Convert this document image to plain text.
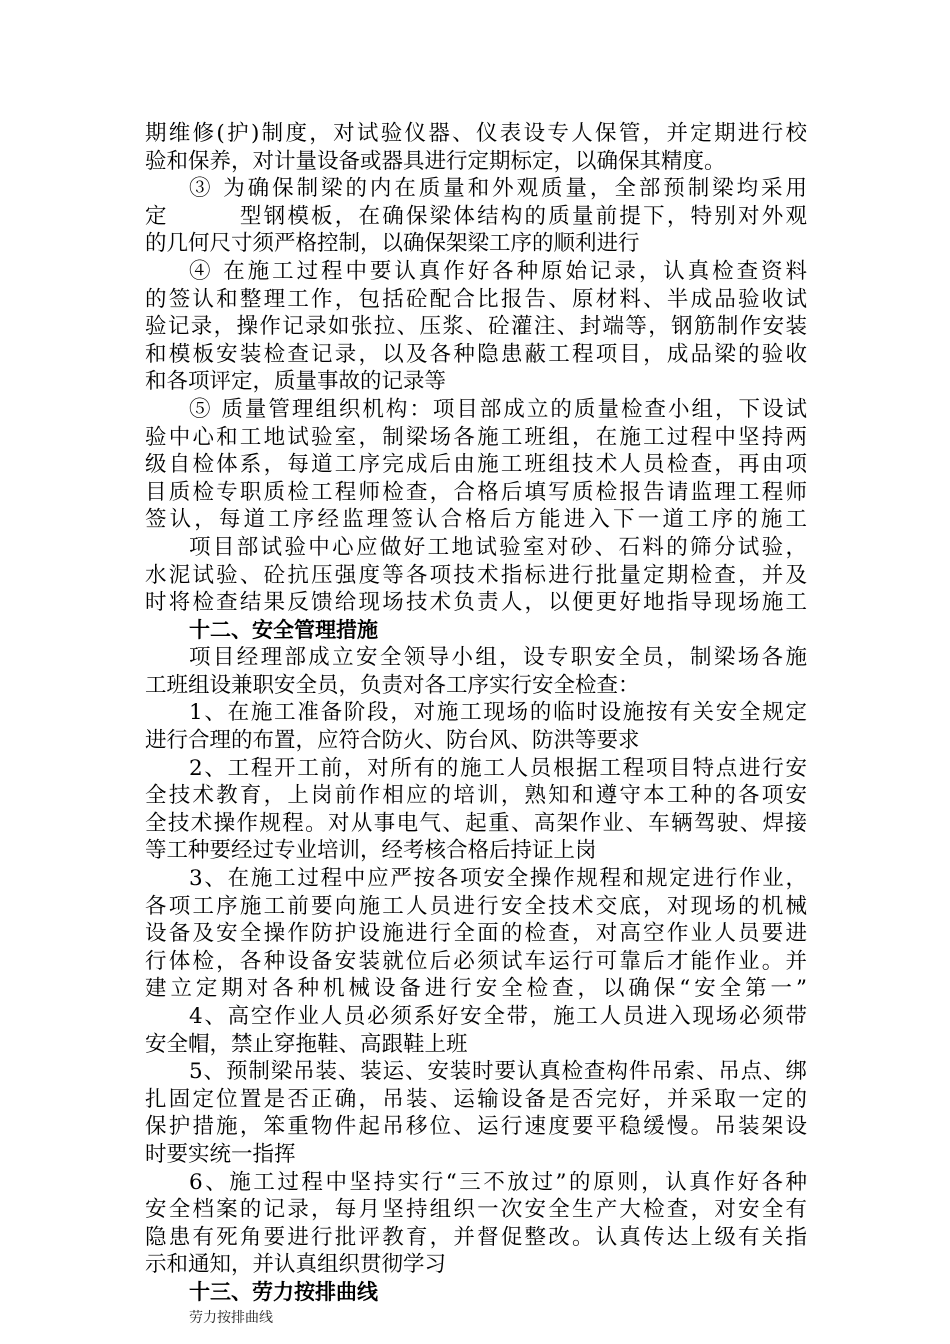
期维修(护)制度，对试验仪器、仪表设专人保管，并定期进行校
验和保养，对计量设备或器具进行定期标定，以确保其精度。
③ 为确保制梁的内在质量和外观质量，全部预制梁均采用
定　　　型钢模板，在确保梁体结构的质量前提下，特别对外观
的几何尺寸须严格控制，以确保架梁工序的顺利进行
④ 在施工过程中要认真作好各种原始记录，认真检查资料
的签认和整理工作，包括砼配合比报告、原材料、半成品验收试
验记录，操作记录如张拉、压浆、砼灌注、封端等，钢筋制作安装
和模板安装检查记录，以及各种隐患蔽工程项目，成品梁的验收
和各项评定，质量事故的记录等
⑤ 质量管理组织机构：项目部成立的质量检查小组，下设试
验中心和工地试验室，制梁场各施工班组，在施工过程中坚持两
级自检体系，每道工序完成后由施工班组技术人员检查，再由项
目质检专职质检工程师检查，合格后填写质检报告请监理工程师
签认，每道工序经监理签认合格后方能进入下一道工序的施工
项目部试验中心应做好工地试验室对砂、石料的筛分试验，
水泥试验、砼抗压强度等各项技术指标进行批量定期检查，并及
时将检查结果反馈给现场技术负责人，以便更好地指导现场施工
十二、安全管理措施
项目经理部成立安全领导小组，设专职安全员，制梁场各施
工班组设兼职安全员，负责对各工序实行安全检查：
1、在施工准备阶段，对施工现场的临时设施按有关安全规定
进行合理的布置，应符合防火、防台风、防洪等要求
2、工程开工前，对所有的施工人员根据工程项目特点进行安
全技术教育，上岗前作相应的培训，熟知和遵守本工种的各项安
全技术操作规程。对从事电气、起重、高架作业、车辆驾驶、焊接
等工种要经过专业培训，经考核合格后持证上岗
3、在施工过程中应严按各项安全操作规程和规定进行作业，
各项工序施工前要向施工人员进行安全技术交底，对现场的机械
设备及安全操作防护设施进行全面的检查，对高空作业人员要进
行体检，各种设备安装就位后必须试车运行可靠后才能作业。并
建立定期对各种机械设备进行安全检查，以确保“安全第一”
4、高空作业人员必须系好安全带，施工人员进入现场必须带
安全帽，禁止穿拖鞋、高跟鞋上班
5、预制梁吊装、装运、安装时要认真检查构件吊索、吊点、绑
扎固定位置是否正确，吊装、运输设备是否完好，并采取一定的
保护措施，笨重物件起吊移位、运行速度要平稳缓慢。吊装架设
时要实统一指挥
6、施工过程中坚持实行“三不放过”的原则，认真作好各种
安全档案的记录，每月坚持组织一次安全生产大检查，对安全有
隐患有死角要进行批评教育，并督促整改。认真传达上级有关指
示和通知，并认真组织贯彻学习
十三、劳力按排曲线
劳力按排曲线
